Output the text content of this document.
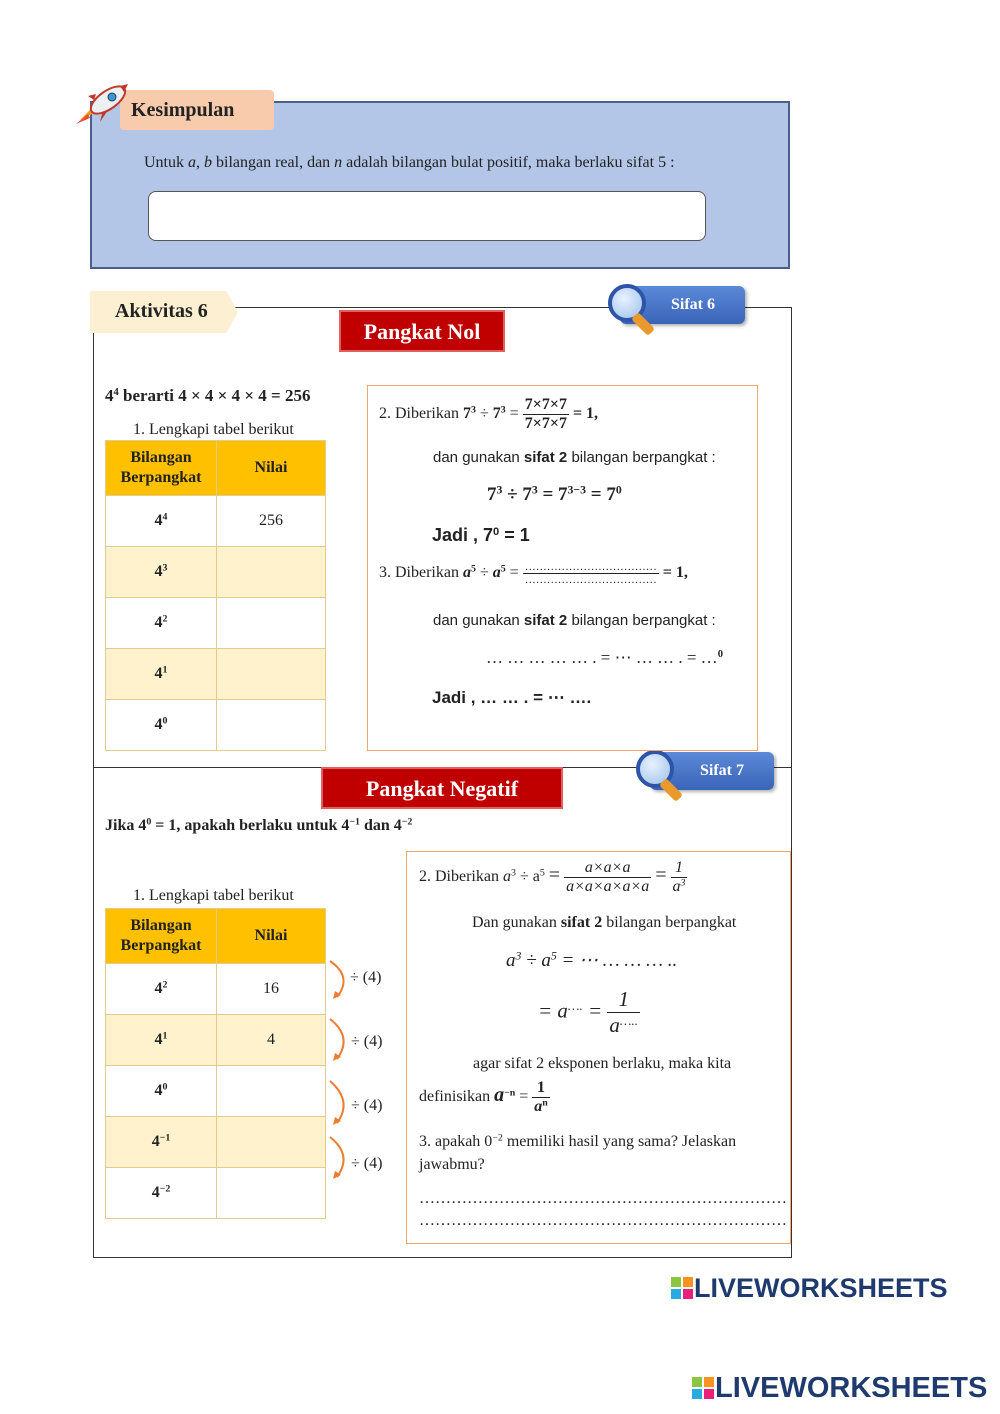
Kesimpulan
Untuk a, b bilangan real, dan n adalah bilangan bulat positif, maka berlaku sifat 5 :
Aktivitas 6
Pangkat Nol
Pangkat Negatif
Sifat 6
Sifat 7
$4^4$ berarti 4 × 4 × 4 × 4 = 256
1. Lengkapi tabel berikut
Bilangan
Berpangkat	Nilai
$4^4$	256
$4^3$	
$4^2$	
$4^1$	
$4^0$	
2. Diberikan $7^3 \div 7^3 = \frac{7\times 7\times 7}{7\times 7\times 7} = 1$,
dan gunakan sifat 2 bilangan berpangkat :
$7^3 \div 7^3 = 7^{3-3} = 7^0$
Jadi , $7^0 = 1$
3. Diberikan $a^5 \div a^5 = \frac{\dots\dots\dots\dots\dots\dots\dots\dots\dots\dots\dots\dots}{\dots\dots\dots\dots\dots\dots\dots\dots\dots\dots\dots\dots} = 1$,
dan gunakan sifat 2 bilangan berpangkat :
… … … … … . = ⋯ … … . = …$^0$
Jadi , … … . = ⋯ ….
Jika $4^0 = 1$, apakah berlaku untuk $4^{-1}$ dan $4^{-2}$
1. Lengkapi tabel berikut
Bilangan
Berpangkat	Nilai
$4^2$	16
$4^1$	4
$4^0$	
$4^{-1}$	
$4^{-2}$	
÷ (4)
÷ (4)
÷ (4)
÷ (4)
2. Diberikan $a^3 \div a^5 = \frac{a\times a\times a}{a\times a\times a\times a\times a} = \frac{1}{a^3}$
Dan gunakan sifat 2 bilangan berpangkat
$a^3 \div a^5$ = ⋯ … … … ..
= $a^{\dots.} = \frac{1}{a^{\dots..}}$
agar sifat 2 eksponen berlaku, maka kita
definisikan $a^{-n} = \frac{1}{a^n}$
3. apakah $0^{-2}$ memiliki hasil yang sama? Jelaskan
jawabmu?
……………………………………………………………
……………………………………………………………
LIVEWORKSHEETS
LIVEWORKSHEETS
